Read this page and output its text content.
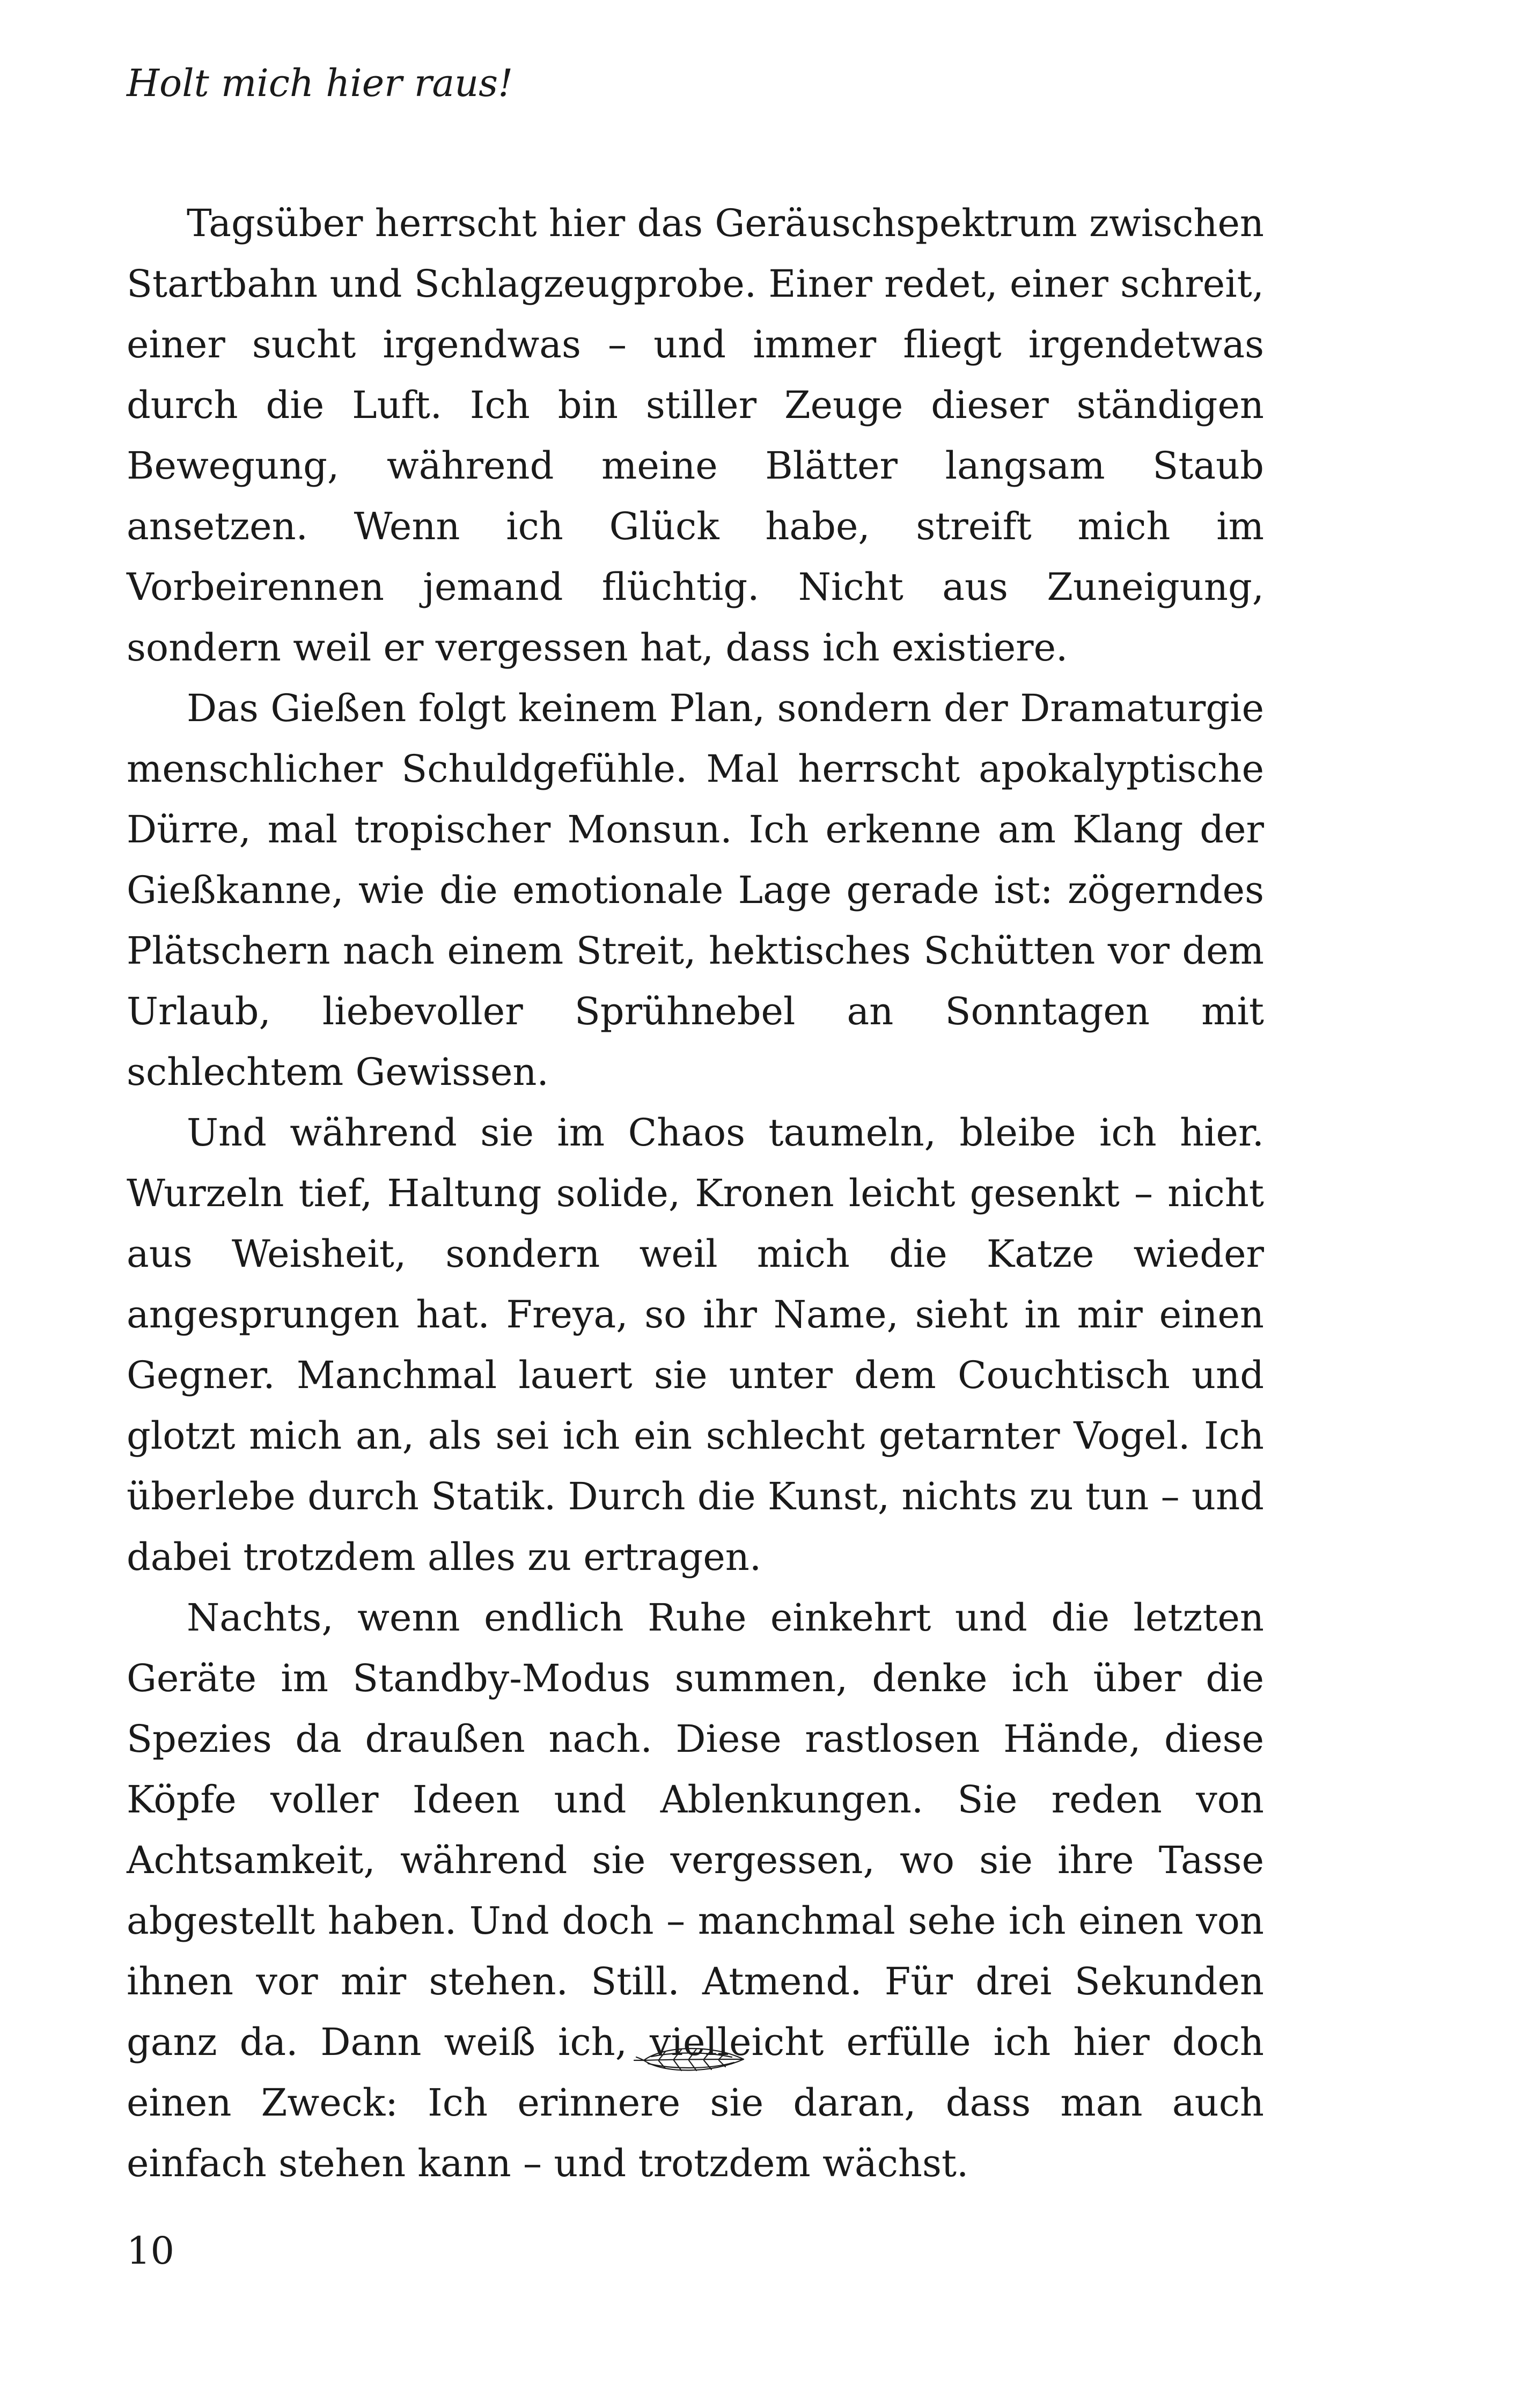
Holt mich hier raus!

Tagsüber herrscht hier das Geräuschspektrum zwischen Startbahn und Schlagzeugprobe. Einer redet, einer schreit, einer sucht irgendwas – und immer fliegt irgendetwas durch die Luft. Ich bin stiller Zeuge dieser ständigen Bewegung, während meine Blätter langsam Staub ansetzen. Wenn ich Glück habe, streift mich im Vorbeirennen jemand flüchtig. Nicht aus Zuneigung, sondern weil er vergessen hat, dass ich existiere.

Das Gießen folgt keinem Plan, sondern der Dramaturgie menschlicher Schuldgefühle. Mal herrscht apokalyptische Dürre, mal tropischer Monsun. Ich erkenne am Klang der Gießkanne, wie die emotionale Lage gerade ist: zögerndes Plätschern nach einem Streit, hektisches Schütten vor dem Urlaub, liebevoller Sprühnebel an Sonntagen mit schlechtem Gewissen.

Und während sie im Chaos taumeln, bleibe ich hier. Wurzeln tief, Haltung solide, Kronen leicht gesenkt – nicht aus Weisheit, sondern weil mich die Katze wieder angesprungen hat. Freya, so ihr Name, sieht in mir einen Gegner. Manchmal lauert sie unter dem Couchtisch und glotzt mich an, als sei ich ein schlecht getarnter Vogel. Ich überlebe durch Statik. Durch die Kunst, nichts zu tun – und dabei trotzdem alles zu ertragen.

Nachts, wenn endlich Ruhe einkehrt und die letzten Geräte im Standby-Modus summen, denke ich über die Spezies da draußen nach. Diese rastlosen Hände, diese Köpfe voller Ideen und Ablenkungen. Sie reden von Achtsamkeit, während sie vergessen, wo sie ihre Tasse abgestellt haben. Und doch – manchmal sehe ich einen von ihnen vor mir stehen. Still. Atmend. Für drei Sekunden ganz da. Dann weiß ich, vielleicht erfülle ich hier doch einen Zweck: Ich erinnere sie daran, dass man auch einfach stehen kann – und trotzdem wächst.

10
